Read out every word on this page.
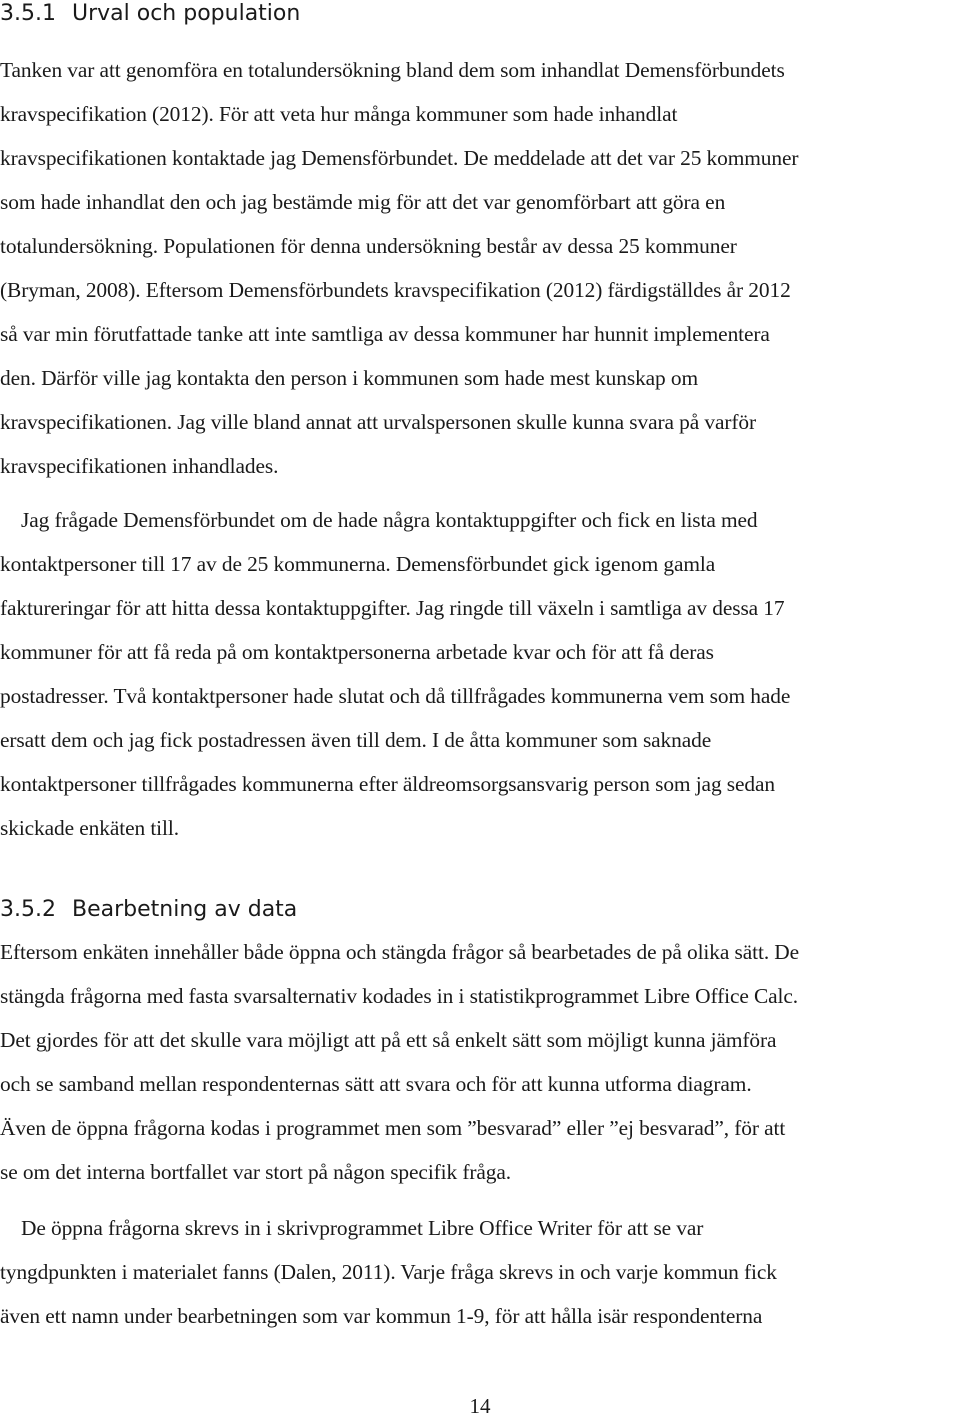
3.5.1 Urval och population
Tanken var att genomföra en totalundersökning bland dem som inhandlat Demensförbundets
kravspecifikation (2012). För att veta hur många kommuner som hade inhandlat
kravspecifikationen kontaktade jag Demensförbundet. De meddelade att det var 25 kommuner
som hade inhandlat den och jag bestämde mig för att det var genomförbart att göra en
totalundersökning. Populationen för denna undersökning består av dessa 25 kommuner
(Bryman, 2008). Eftersom Demensförbundets kravspecifikation (2012) färdigställdes år 2012
så var min förutfattade tanke att inte samtliga av dessa kommuner har hunnit implementera
den. Därför ville jag kontakta den person i kommunen som hade mest kunskap om
kravspecifikationen. Jag ville bland annat att urvalspersonen skulle kunna svara på varför
kravspecifikationen inhandlades.
Jag frågade Demensförbundet om de hade några kontaktuppgifter och fick en lista med
kontaktpersoner till 17 av de 25 kommunerna. Demensförbundet gick igenom gamla
faktureringar för att hitta dessa kontaktuppgifter. Jag ringde till växeln i samtliga av dessa 17
kommuner för att få reda på om kontaktpersonerna arbetade kvar och för att få deras
postadresser. Två kontaktpersoner hade slutat och då tillfrågades kommunerna vem som hade
ersatt dem och jag fick postadressen även till dem. I de åtta kommuner som saknade
kontaktpersoner tillfrågades kommunerna efter äldreomsorgsansvarig person som jag sedan
skickade enkäten till.
3.5.2 Bearbetning av data
Eftersom enkäten innehåller både öppna och stängda frågor så bearbetades de på olika sätt. De
stängda frågorna med fasta svarsalternativ kodades in i statistikprogrammet Libre Office Calc.
Det gjordes för att det skulle vara möjligt att på ett så enkelt sätt som möjligt kunna jämföra
och se samband mellan respondenternas sätt att svara och för att kunna utforma diagram.
Även de öppna frågorna kodas i programmet men som ”besvarad” eller ”ej besvarad”, för att
se om det interna bortfallet var stort på någon specifik fråga.
De öppna frågorna skrevs in i skrivprogrammet Libre Office Writer för att se var
tyngdpunkten i materialet fanns (Dalen, 2011). Varje fråga skrevs in och varje kommun fick
även ett namn under bearbetningen som var kommun 1-9, för att hålla isär respondenterna

14
